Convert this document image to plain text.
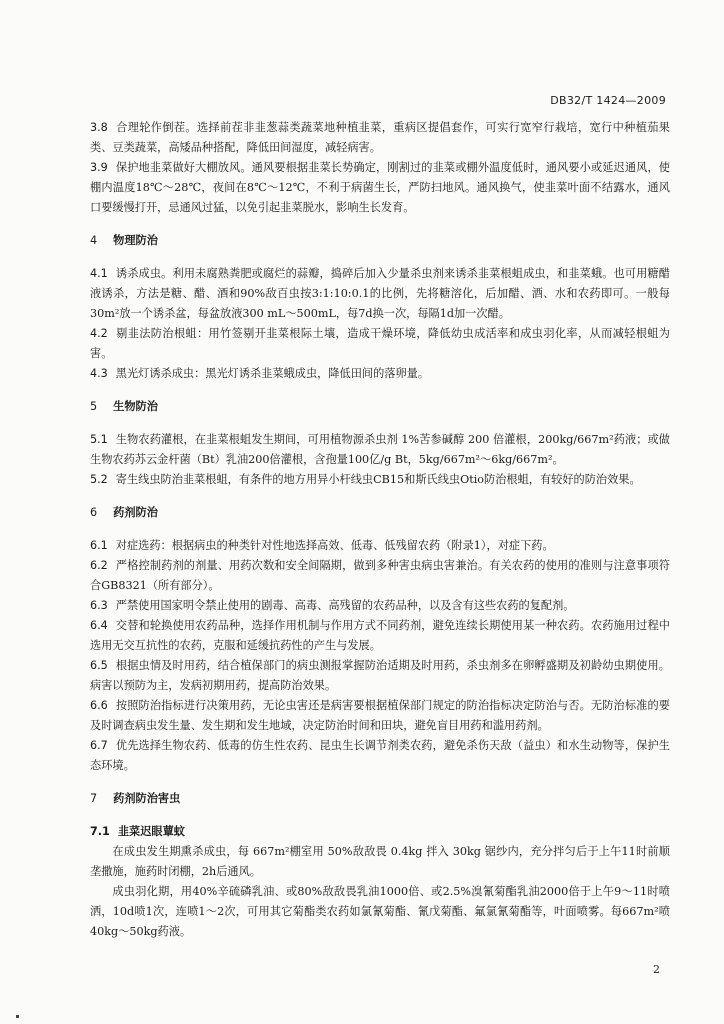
DB32/T 1424—2009

3.8 合理轮作倒茬。选择前茬非韭葱蒜类蔬菜地种植韭菜，重病区提倡套作，可实行宽窄行栽培，宽行中种植茄果类、豆类蔬菜，高矮品种搭配，降低田间湿度，减轻病害。

3.9 保护地韭菜做好大棚放风。通风要根据韭菜长势确定，刚割过的韭菜或棚外温度低时，通风要小或延迟通风，使棚内温度18℃～28℃，夜间在8℃～12℃，不利于病菌生长，严防扫地风。通风换气，使韭菜叶面不结露水，通风口要缓慢打开，忌通风过猛，以免引起韭菜脱水，影响生长发育。

4 物理防治

4.1 诱杀成虫。利用未腐熟粪肥或腐烂的蒜瓣，捣碎后加入少量杀虫剂来诱杀韭菜根蛆成虫，和韭菜蛾。也可用糖醋液诱杀，方法是糖、醋、酒和90%敌百虫按3:1:10:0.1的比例，先将糖溶化，后加醋、酒、水和农药即可。一般每30m²放一个诱杀盆，每盆放液300 mL～500mL，每7d换一次，每隔1d加一次醋。

4.2 剔韭法防治根蛆：用竹签剔开韭菜根际土壤，造成干燥环境，降低幼虫成活率和成虫羽化率，从而减轻根蛆为害。

4.3 黑光灯诱杀成虫：黑光灯诱杀韭菜蛾成虫，降低田间的落卵量。

5 生物防治

5.1 生物农药灌根，在韭菜根蛆发生期间，可用植物源杀虫剂 1%苦参碱醇 200 倍灌根，200kg/667m²药液；或做生物农药苏云金杆菌（Bt）乳油200倍灌根，含孢量100亿/g Bt，5kg/667m²～6kg/667m²。

5.2 寄生线虫防治韭菜根蛆，有条件的地方用异小杆线虫CB15和斯氏线虫Otio防治根蛆，有较好的防治效果。

6 药剂防治

6.1 对症选药：根据病虫的种类针对性地选择高效、低毒、低残留农药（附录1），对症下药。

6.2 严格控制药剂的剂量、用药次数和安全间隔期，做到多种害虫病虫害兼治。有关农药的使用的准则与注意事项符合GB8321（所有部分）。

6.3 严禁使用国家明令禁止使用的剧毒、高毒、高残留的农药品种，以及含有这些农药的复配剂。

6.4 交替和轮换使用农药品种，选择作用机制与作用方式不同药剂，避免连续长期使用某一种农药。农药施用过程中选用无交互抗性的农药，克服和延缓抗药性的产生与发展。

6.5 根据虫情及时用药，结合植保部门的病虫测报掌握防治适期及时用药，杀虫剂多在卵孵盛期及初龄幼虫期使用。病害以预防为主，发病初期用药，提高防治效果。

6.6 按照防治指标进行决策用药，无论虫害还是病害要根据植保部门规定的防治指标决定防治与否。无防治标准的要及时调查病虫发生量、发生期和发生地域，决定防治时间和田块，避免盲目用药和滥用药剂。

6.7 优先选择生物农药、低毒的仿生性农药、昆虫生长调节剂类农药，避免杀伤天敌（益虫）和水生动物等，保护生态环境。

7 药剂防治害虫

7.1 韭菜迟眼蕈蚊

在成虫发生期熏杀成虫，每 667m²棚室用 50%敌敌畏 0.4kg 拌入 30kg 锯纱内，充分拌匀后于上午11时前顺垄撒施，施药时闭棚，2h后通风。

成虫羽化期，用40%辛硫磷乳油、或80%敌敌畏乳油1000倍、或2.5%溴氰菊酯乳油2000倍于上午9～11时喷洒，10d喷1次，连喷1～2次，可用其它菊酯类农药如氯氰菊酯、氰戊菊酯、氟氯氰菊酯等，叶面喷雾。每667m²喷40kg～50kg药液。

2
